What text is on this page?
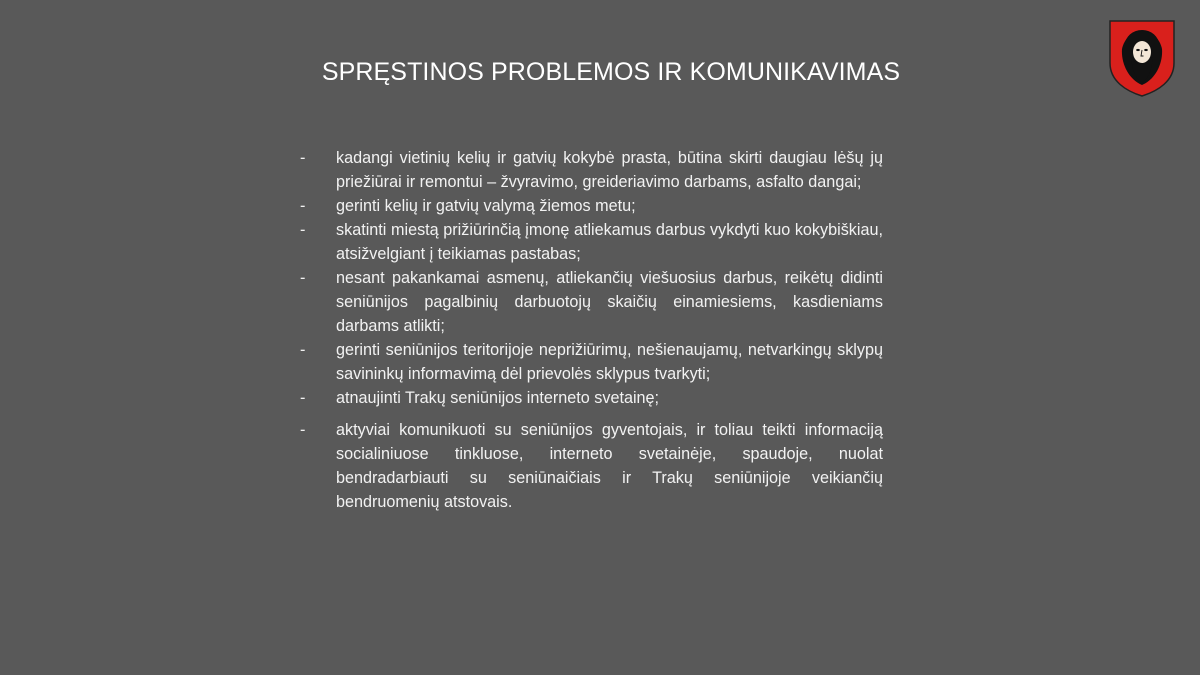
SPRĘSTINOS PROBLEMOS IR KOMUNIKAVIMAS
-	kadangi vietinių kelių ir gatvių kokybė prasta, būtina skirti daugiau lėšų jų priežiūrai ir remontui – žvyravimo, greideriavimo darbams, asfalto dangai;
-	gerinti kelių ir gatvių valymą žiemos metu;
-	skatinti miestą prižiūrinčią įmonę atliekamus darbus vykdyti kuo kokybiškiau, atsižvelgiant į teikiamas pastabas;
-	nesant pakankamai asmenų, atliekančių viešuosius darbus, reikėtų didinti seniūnijos pagalbinių darbuotojų skaičių einamiesiems, kasdieniams darbams atlikti;
-	gerinti seniūnijos teritorijoje neprižiūrimų, nešienaujamų, netvarkingų sklypų savininkų informavimą dėl prievolės sklypus tvarkyti;
-	atnaujinti Trakų seniūnijos interneto svetainę;
-	aktyviai komunikuoti su seniūnijos gyventojais, ir toliau teikti informaciją socialiniuose tinkluose, interneto svetainėje, spaudoje, nuolat bendradarbiauti su seniūnaičiais ir Trakų seniūnijoje veikiančių bendruomenių atstovais.
